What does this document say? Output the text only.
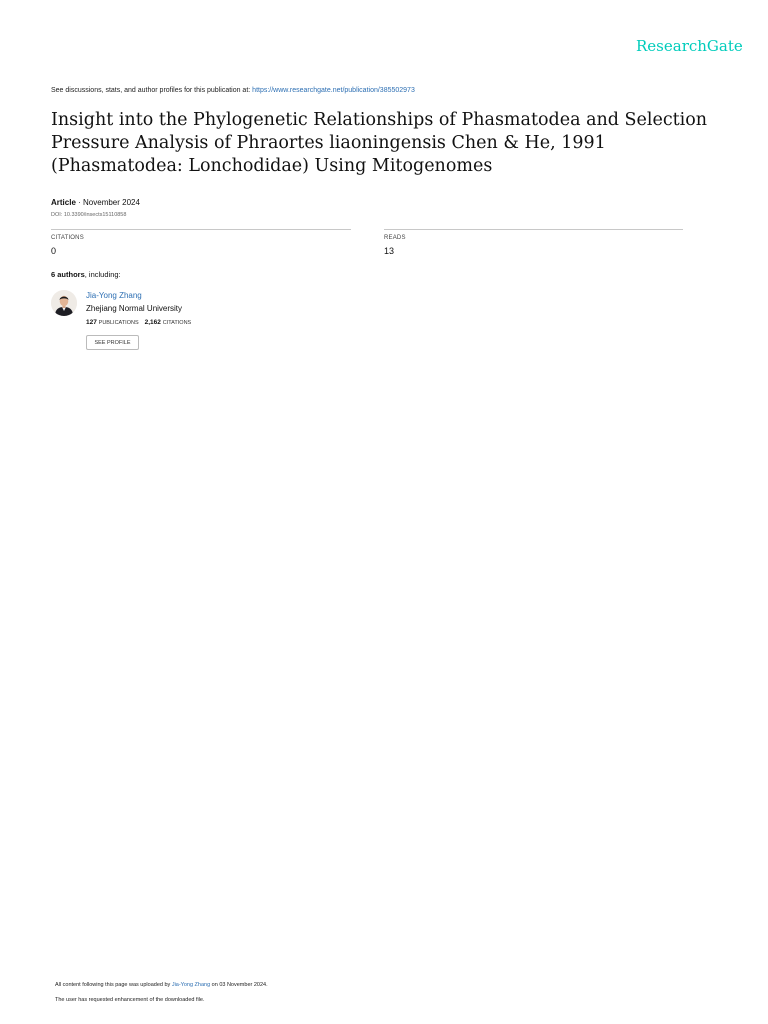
ResearchGate
See discussions, stats, and author profiles for this publication at: https://www.researchgate.net/publication/385502973
Insight into the Phylogenetic Relationships of Phasmatodea and Selection Pressure Analysis of Phraortes liaoningensis Chen & He, 1991 (Phasmatodea: Lonchodidae) Using Mitogenomes
Article · November 2024
DOI: 10.3390/insects15110858
CITATIONS
0
READS
13
6 authors, including:
Jia-Yong Zhang
Zhejiang Normal University
127 PUBLICATIONS 2,162 CITATIONS
SEE PROFILE
All content following this page was uploaded by Jia-Yong Zhang on 03 November 2024.
The user has requested enhancement of the downloaded file.
